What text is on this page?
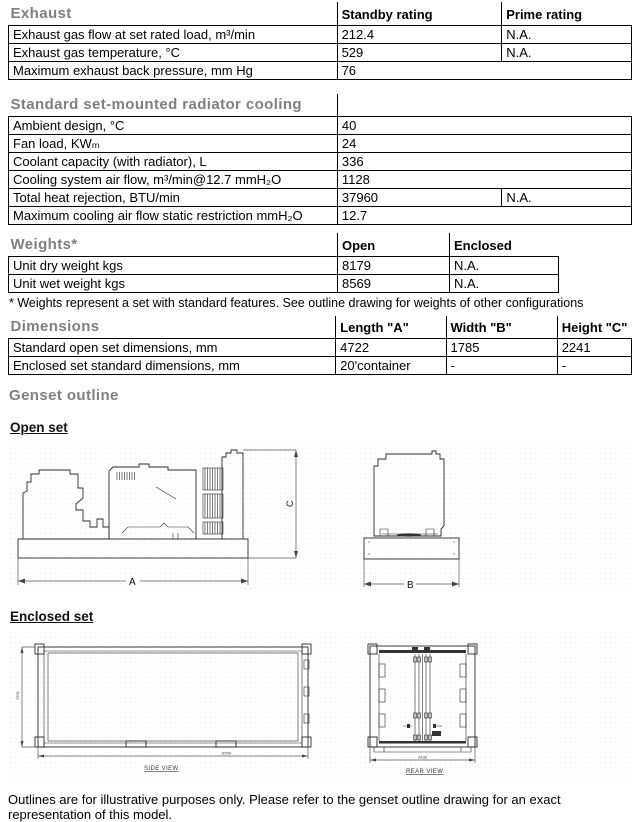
Exhaust	Standby rating	Prime rating
Exhaust gas flow at set rated load, m³/min	212.4	N.A.
Exhaust gas temperature, °C	529	N.A.
Maximum exhaust back pressure, mm Hg	76	
Standard set-mounted radiator cooling		
Ambient design, °C	40	
Fan load, KWₘ	24	
Coolant capacity (with radiator), L	336	
Cooling system air flow, m³/min@12.7 mmH₂O	1128	
Total heat rejection, BTU/min	37960	N.A.
Maximum cooling air flow static restriction mmH₂O	12.7	
Weights*	Open	Enclosed
Unit dry weight kgs	8179	N.A.
Unit wet weight kgs	8569	N.A.
* Weights represent a set with standard features. See outline drawing for weights of other configurations
Dimensions	Length "A"	Width "B"	Height "C"
Standard open set dimensions, mm	4722	1785	2241
Enclosed set standard dimensions, mm	20'container	-	-
Genset outline
Open set
C
A	B
Enclosed set
2591
6058
SIDE VIEW
2438
REAR VIEW
Outlines are for illustrative purposes only. Please refer to the genset outline drawing for an exact representation of this model.
